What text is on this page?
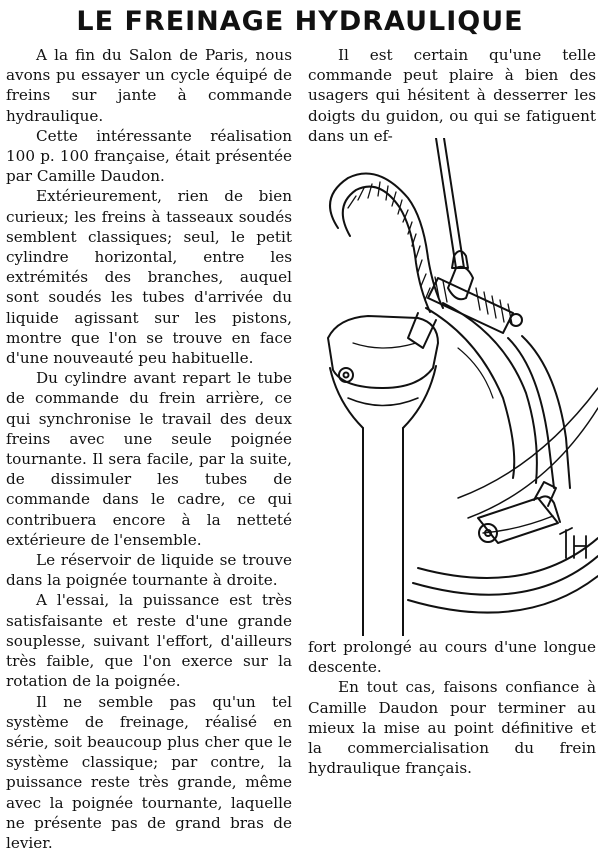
LE FREINAGE HYDRAULIQUE

A la fin du Salon de Paris, nous avons pu essayer un cycle équipé de freins sur jante à commande hydraulique.

Cette intéressante réalisation 100 p. 100 française, était présentée par Camille Daudon.

Extérieurement, rien de bien curieux; les freins à tasseaux soudés semblent classiques; seul, le petit cylindre horizontal, entre les extrémités des branches, auquel sont soudés les tubes d'arrivée du liquide agissant sur les pistons, montre que l'on se trouve en face d'une nouveauté peu habituelle.

Du cylindre avant repart le tube de commande du frein arrière, ce qui synchronise le travail des deux freins avec une seule poignée tournante. Il sera facile, par la suite, de dissimuler les tubes de commande dans le cadre, ce qui contribuera encore à la netteté extérieure de l'ensemble.

Le réservoir de liquide se trouve dans la poignée tournante à droite.

A l'essai, la puissance est très satisfaisante et reste d'une grande souplesse, suivant l'effort, d'ailleurs très faible, que l'on exerce sur la rotation de la poignée.

Il ne semble pas qu'un tel système de freinage, réalisé en série, soit beaucoup plus cher que le système classique; par contre, la puissance reste très grande, même avec la poignée tournante, laquelle ne présente pas de grand bras de levier.

Il est certain qu'une telle commande peut plaire à bien des usagers qui hésitent à desserrer les doigts du guidon, ou qui se fatiguent dans un ef-

fort prolongé au cours d'une longue descente.

En tout cas, faisons confiance à Camille Daudon pour terminer au mieux la mise au point définitive et la commercialisation du frein hydraulique français.
